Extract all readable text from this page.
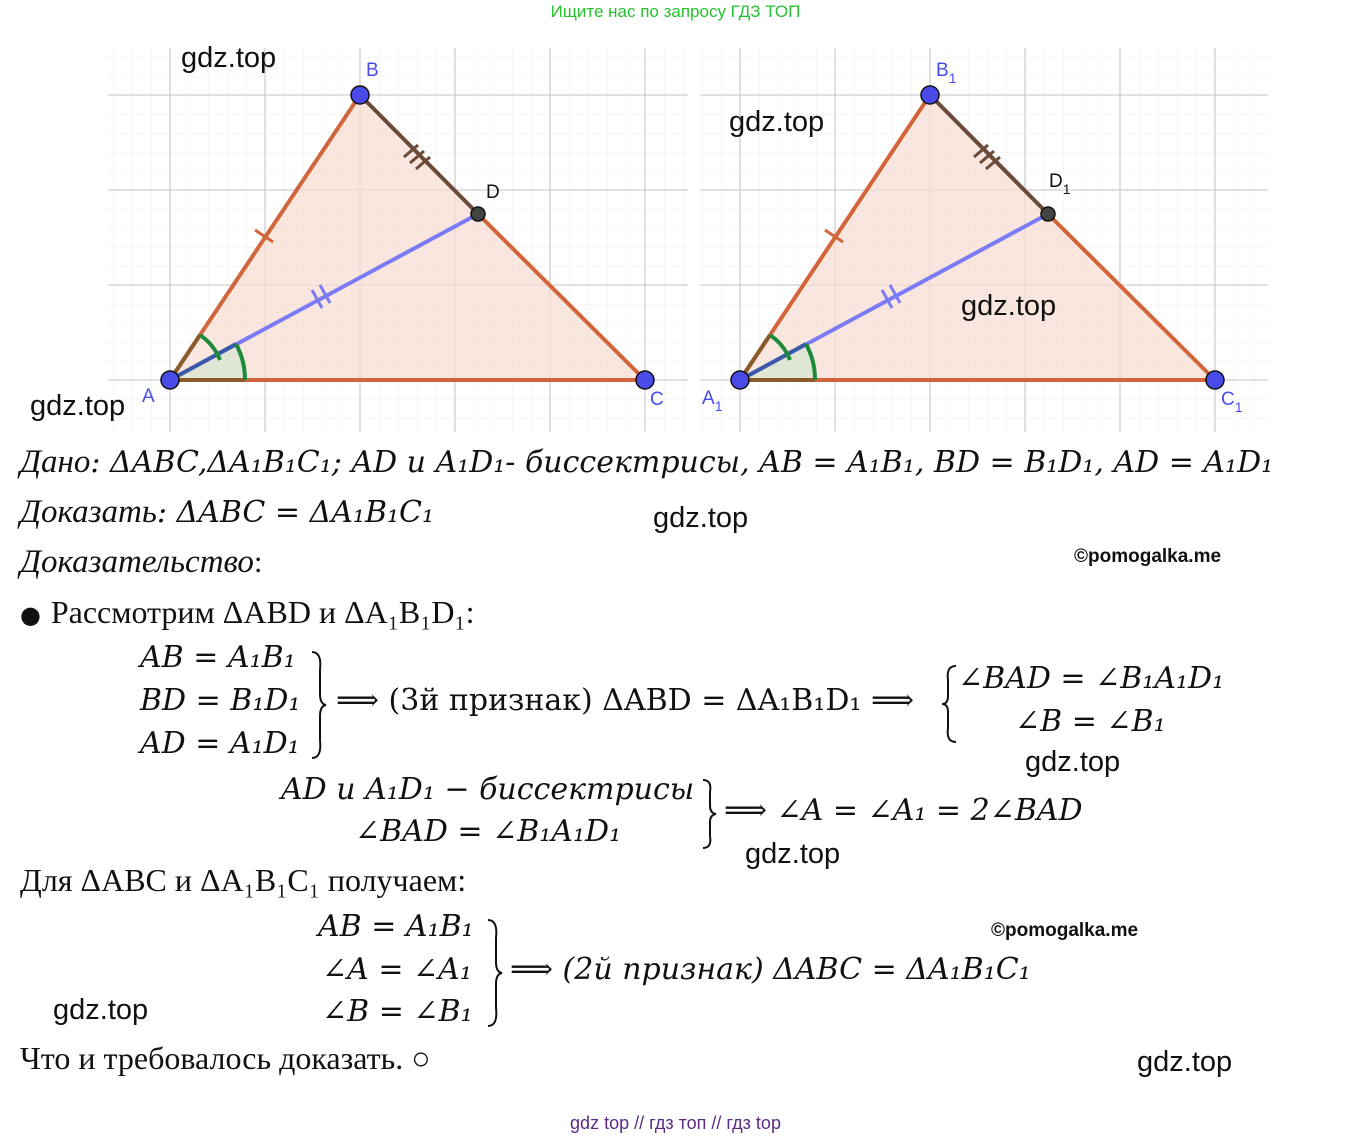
Ищите нас по запросу ГДЗ ТОП
A
B
C
D
$A_1$
$B_1$
$C_1$
$D_1$
gdz.top
gdz.top
gdz.top
gdz.top
gdz.top
gdz.top
gdz.top
gdz.top
gdz.top
©pomogalka.me
©pomogalka.me
Дано: ΔABC,ΔA₁B₁C₁; AD и A₁D₁- биссектрисы, AB = A₁B₁, BD = B₁D₁, AD = A₁D₁
Доказать: ΔABC = ΔA₁B₁C₁
Доказательство:
● Рассмотрим ΔABD и ΔA₁B₁D₁:
AB = A₁B₁
BD = B₁D₁
AD = A₁D₁
⟹ (3й признак) ΔABD = ΔA₁B₁D₁ ⟹
∠BAD = ∠B₁A₁D₁
∠B = ∠B₁
AD и A₁D₁ − биссектрисы
∠BAD = ∠B₁A₁D₁
⟹ ∠A = ∠A₁ = 2∠BAD
Для ΔABC и ΔA₁B₁C₁ получаем:
AB = A₁B₁
∠A = ∠A₁
∠B = ∠B₁
⟹ (2й признак) ΔABC = ΔA₁B₁C₁
Что и требовалось доказать. ○
gdz top // гдз топ // гдз top
